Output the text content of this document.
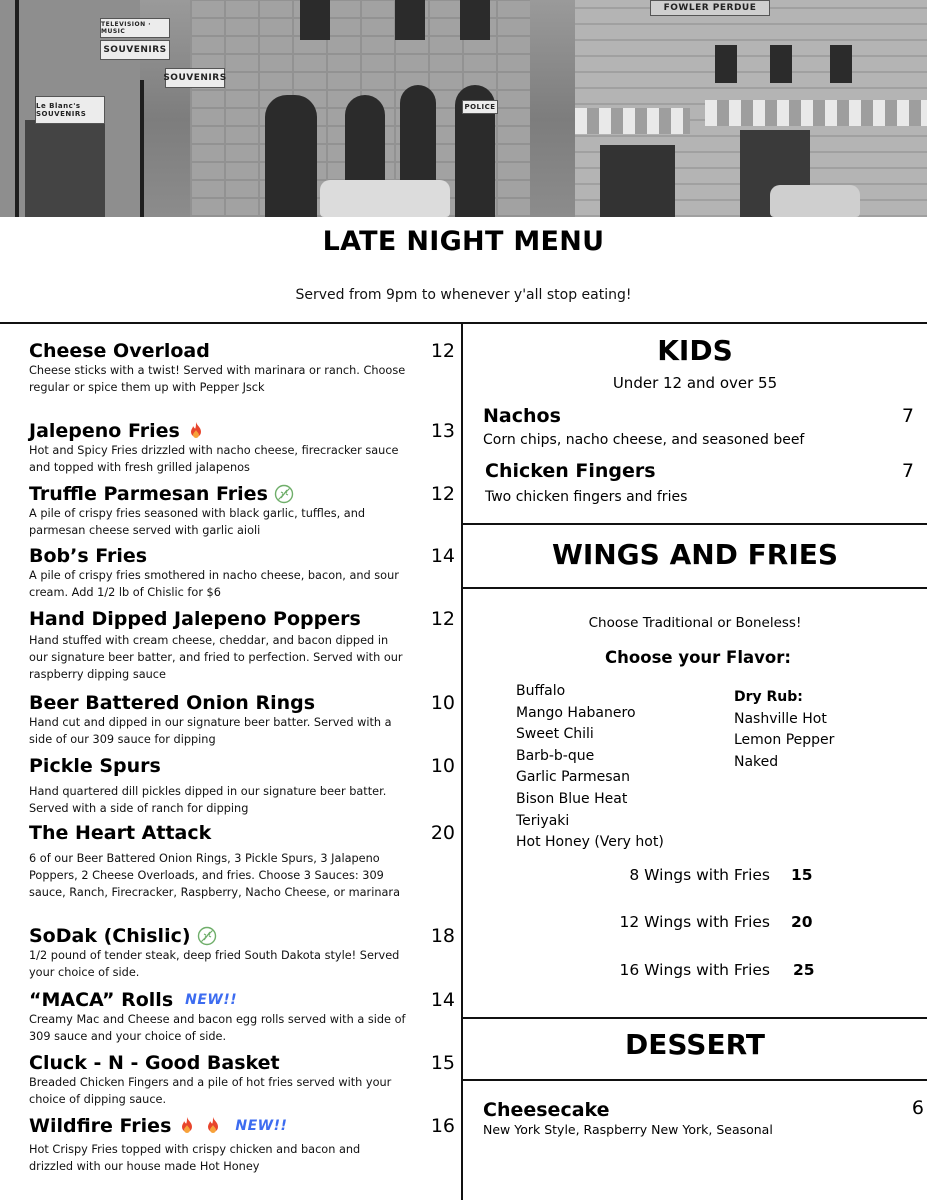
SOUVENIRS
TELEVISION · MUSIC
SOUVENIRS
Le Blanc's SOUVENIRS
POLICE
FOWLER PERDUE
LATE NIGHT MENU
Served from 9pm to whenever y'all stop eating!
Cheese Overload
Cheese sticks with a twist! Served with marinara or ranch. Choose regular or spice them up with Pepper Jsck
12
Jalepeno Fries
Hot and Spicy Fries drizzled with nacho cheese, firecracker sauce and topped with fresh grilled jalapenos
13
Truffle Parmesan Fries
A pile of crispy fries seasoned with black garlic, tuffles, and parmesan cheese served with garlic aioli
12
Bob’s Fries
A pile of crispy fries smothered in nacho cheese, bacon, and sour cream. Add 1/2 lb of Chislic for $6
14
Hand Dipped Jalepeno Poppers
Hand stuffed with cream cheese, cheddar, and bacon dipped in our signature beer batter, and fried to perfection. Served with our raspberry dipping sauce
12
Beer Battered Onion Rings
Hand cut and dipped in our signature beer batter. Served with a side of our 309 sauce for dipping
10
Pickle Spurs
Hand quartered dill pickles dipped in our signature beer batter. Served with a side of ranch for dipping
10
The Heart Attack
6 of our Beer Battered Onion Rings, 3 Pickle Spurs, 3 Jalapeno Poppers, 2 Cheese Overloads, and fries. Choose 3 Sauces: 309 sauce, Ranch, Firecracker, Raspberry, Nacho Cheese, or marinara
20
SoDak (Chislic)
1/2 pound of tender steak, deep fried South Dakota style! Served your choice of side.
18
“MACA” Rolls NEW!!
Creamy Mac and Cheese and bacon egg rolls served with a side of 309 sauce and your choice of side.
14
Cluck - N - Good Basket
Breaded Chicken Fingers and a pile of hot fries served with your choice of dipping sauce.
15
Wildfire Fries	NEW!!
Hot Crispy Fries topped with crispy chicken and bacon and drizzled with our house made Hot Honey
16
KIDS
Under 12 and over 55
Nachos
Corn chips, nacho cheese, and seasoned beef
7
Chicken Fingers
Two chicken fingers and fries
7
WINGS AND FRIES
Choose Traditional or Boneless!
Choose your Flavor:
Buffalo
Mango Habanero
Sweet Chili
Barb-b-que
Garlic Parmesan
Bison Blue Heat
Teriyaki
Hot Honey (Very hot)
Dry Rub:
Nashville Hot
Lemon Pepper
Naked
8 Wings with Fries 15
12 Wings with Fries 20
16 Wings with Fries 25
DESSERT
Cheesecake
New York Style, Raspberry New York, Seasonal
6
